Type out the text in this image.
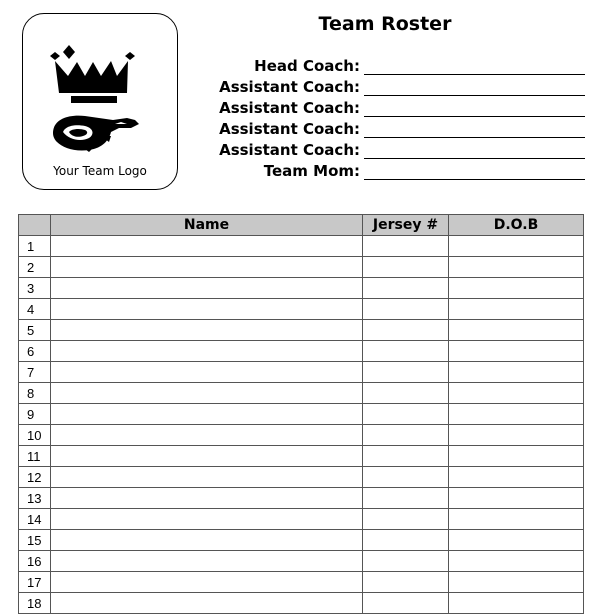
Your Team Logo
Team Roster
Head Coach:
Assistant Coach:
Assistant Coach:
Assistant Coach:
Assistant Coach:
Team Mom:
	Name	Jersey #	D.O.B
1			
2			
3			
4			
5			
6			
7			
8			
9			
10			
11			
12			
13			
14			
15			
16			
17			
18			
